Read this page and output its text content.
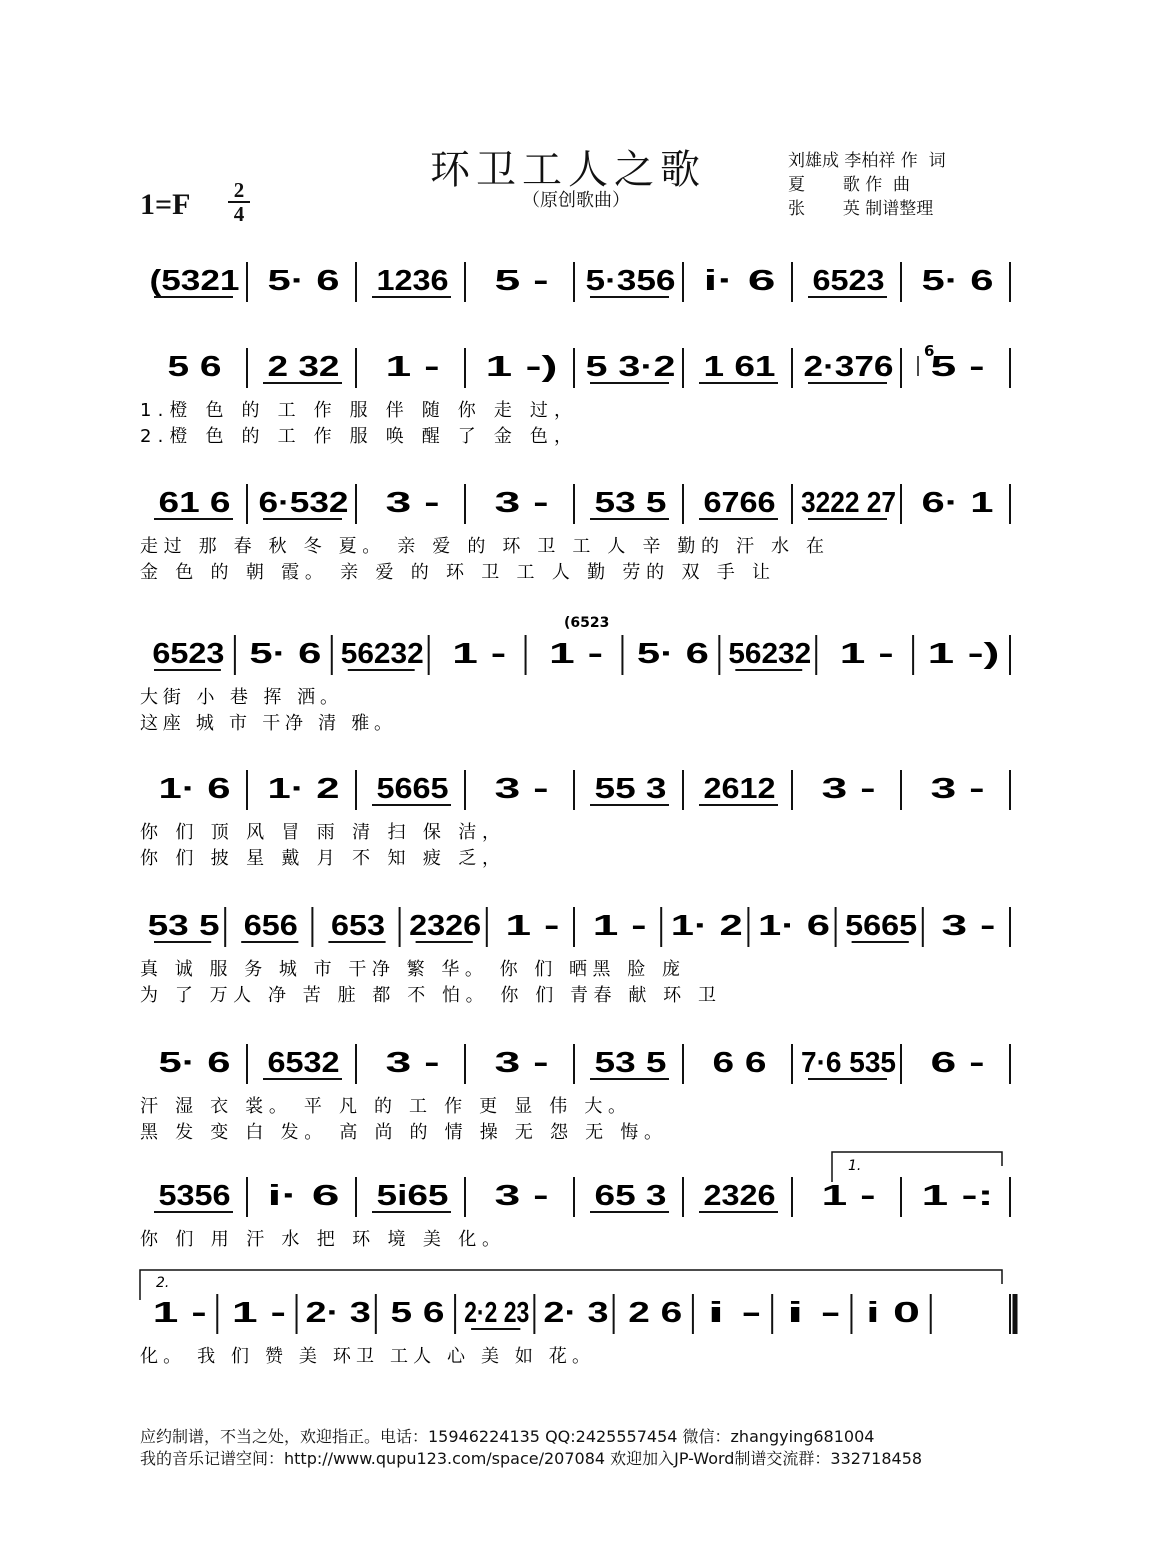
环卫工人之歌
（原创歌曲）
刘雄成 李柏祥 作  词
夏       歌 作  曲
张       英 制谱整理
1=F 2
4
(5321 5· 6 1236 5 - 5·356 i· 6 6523 5· 6
5 6 2 32 1 - 1 -) 5 3·2 1 61 2·376 5 -
1.橙 色 的 工 作 服 伴 随 你 走 过，
2.橙 色 的 工 作 服 唤 醒 了 金 色，
61 6 6·532 3 - 3 - 53 5 6766 3222 27 6· 1
走过 那 春 秋 冬 夏。 亲 爱 的 环 卫 工 人 辛 勤的 汗 水 在
金 色 的 朝 霞。 亲 爱 的 环 卫 工 人 勤 劳的 双 手 让
6523 5· 6 56232 1 - 1 - 5· 6 56232 1 - 1 -)
大街 小 巷 挥 洒。
这座 城 市 干净 清 雅。
1· 6 1· 2 5665 3 - 55 3 2612 3 - 3 -
你 们 顶 风 冒 雨 清 扫 保 洁，
你 们 披 星 戴 月 不 知 疲 乏，
53 5 656 653 2326 1 - 1 - 1· 2 1· 6 5665 3 -
真 诚 服 务 城 市 干净 繁 华。 你 们 晒黑 脸 庞
为 了 万人 净 苦 脏 都 不 怕。 你 们 青春 献 环 卫
5· 6 6532 3 - 3 - 53 5 6 6 7·6 535 6 -
汗 湿 衣 裳。 平 凡 的 工 作 更 显 伟 大。
黑 发 变 白 发。 高 尚 的 情 操 无 怨 无 悔。
5356 i· 6 5i65 3 - 65 3 2326 1 - 1 -:
你 们 用 汗 水 把 环 境 美 化。
1 - 1 - 2· 3 5 6 2·2 23 2· 3 2 6 i - i - i 0
化。 我 们 赞 美 环卫 工人 心 美 如 花。
1.
2.
(6523
6
应约制谱，不当之处，欢迎指正。电话：15946224135 QQ:2425557454 微信：zhangying681004
我的音乐记谱空间：http://www.qupu123.com/space/207084 欢迎加入JP-Word制谱交流群：332718458
